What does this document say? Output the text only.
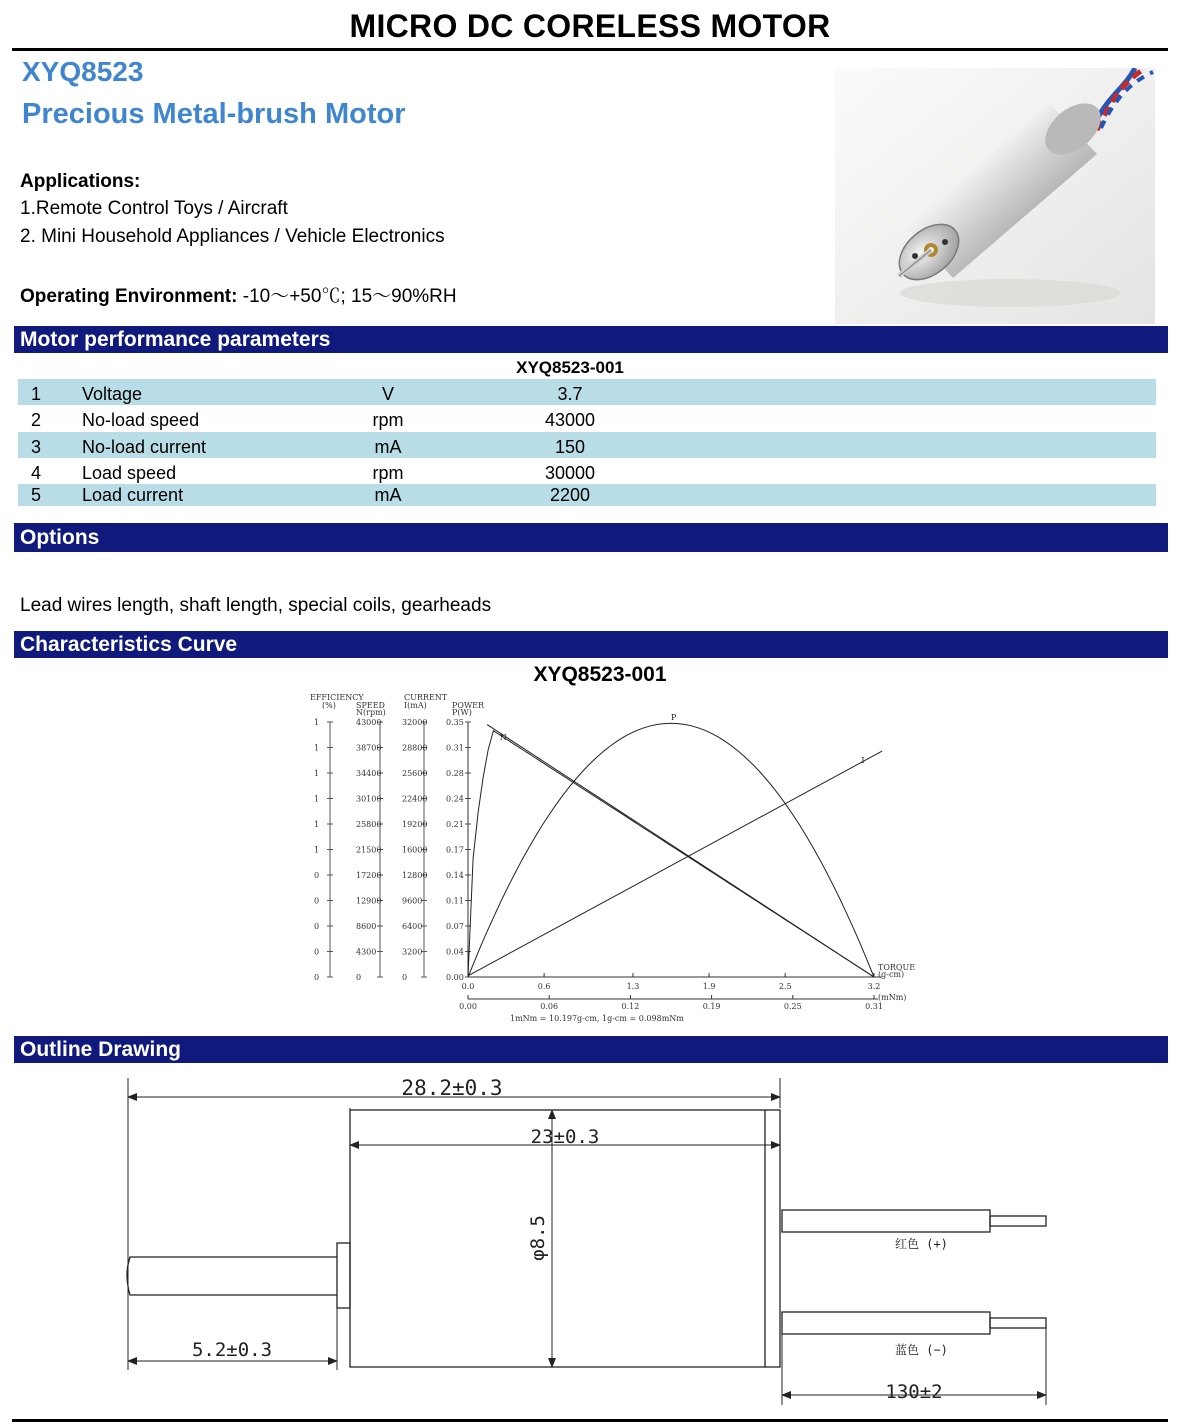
MICRO DC CORELESS MOTOR
XYQ8523
Precious Metal-brush Motor
Applications:
1.Remote Control Toys / Aircraft
2. Mini Household Appliances / Vehicle Electronics
Operating Environment: -10～+50℃; 15～90%RH
Motor performance parameters
XYQ8523-001
1 Voltage	V	3.7
2 No-load speed	rpm	43000
3 No-load current	mA	150
4 Load speed	rpm	30000
5 Load current	mA	2200
Options
Lead wires length, shaft length, special coils, gearheads
Characteristics Curve
XYQ8523-001
EFFICIENCY
(%)	SPEED
N(rpm)
CURRENT
I(mA)	POWER
P(W)
TORQUE
(g-cm)
(mNm)
1mNm = 10.197g-cm, 1g-cm = 0.098mNm
1
1
1
1
1
1
0
0
0
0
0
43000
38700
34400
30100
25800
21500
17200
12900
8600
4300
0
32000
28800
25600
22400
19200
16000
12800
9600
6400
3200
0
0.35
0.31
0.28
0.24
0.21
0.17
0.14
0.11
0.07
0.04
0.00
0.0	0.6	1.3	1.9	2.5	3.2
0.00	0.06	0.12	0.19	0.25	0.31
N
P
I
Outline Drawing
28.2±0.3
23±0.3
5.2±0.3
130±2
φ8.5	红色 (+)
蓝色 (−)
